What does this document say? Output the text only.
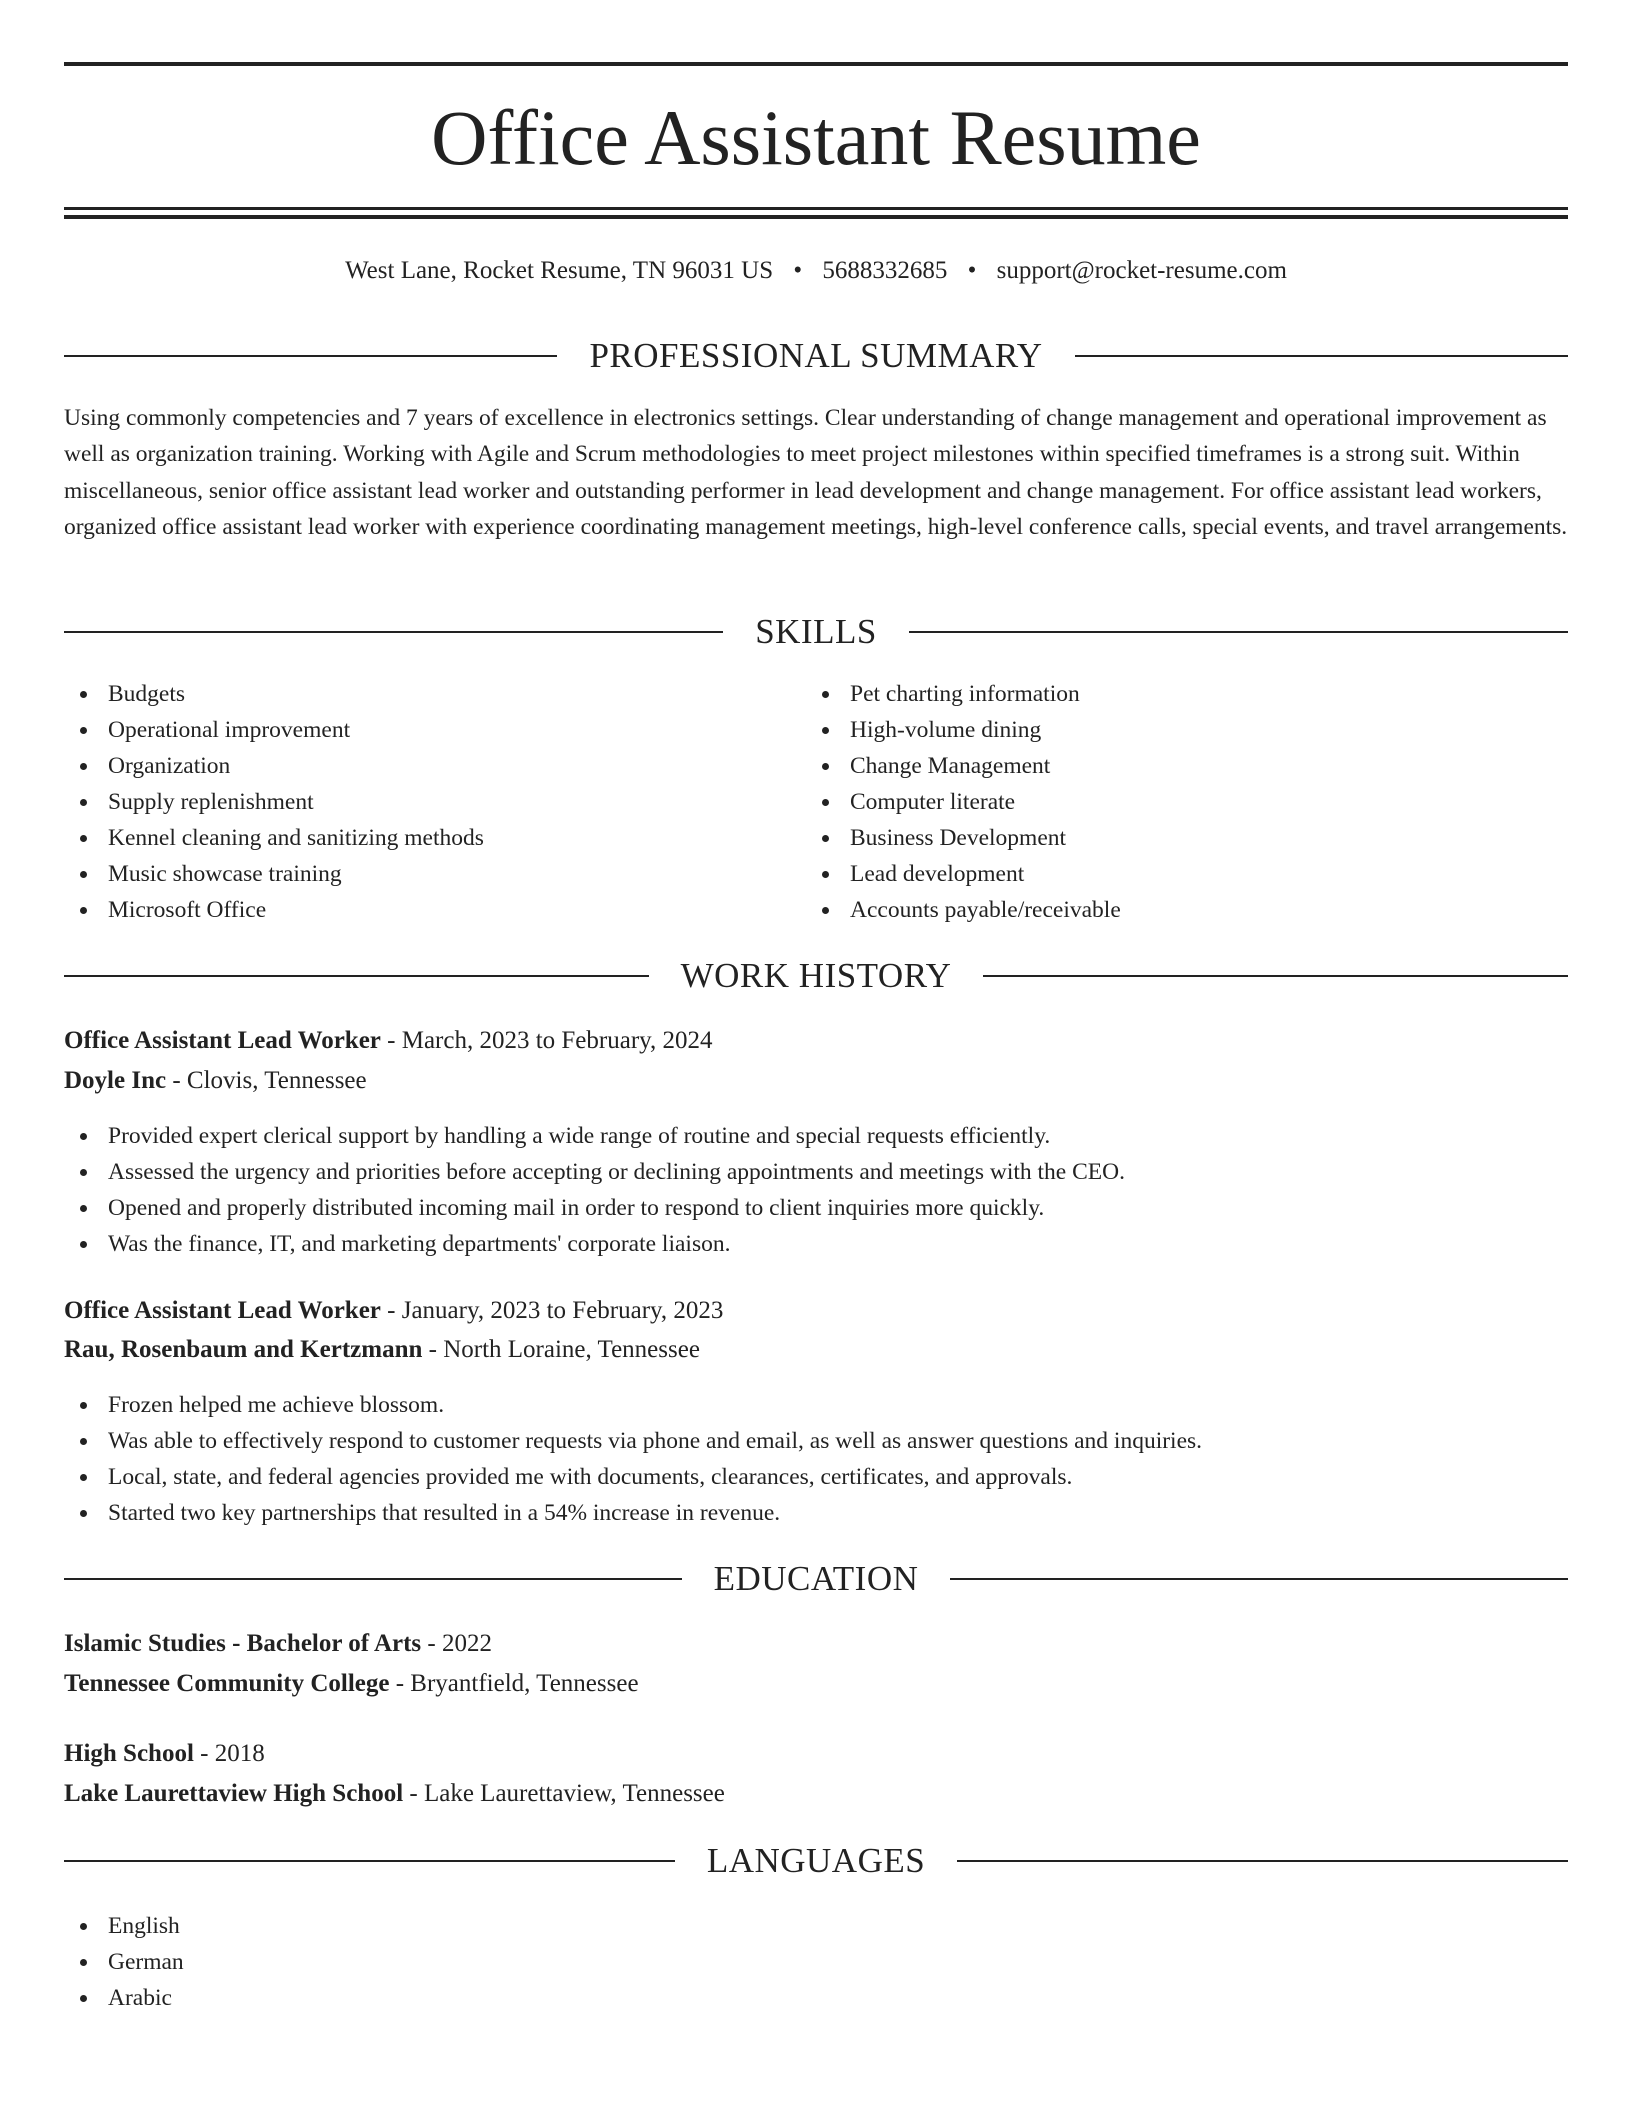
Office Assistant Resume
West Lane, Rocket Resume, TN 96031 US • 5688332685 • support@rocket-resume.com
PROFESSIONAL SUMMARY

Using commonly competencies and 7 years of excellence in electronics settings. Clear understanding of change management and operational improvement as well as organization training. Working with Agile and Scrum methodologies to meet project milestones within specified timeframes is a strong suit. Within miscellaneous, senior office assistant lead worker and outstanding performer in lead development and change management. For office assistant lead workers, organized office assistant lead worker with experience coordinating management meetings, high-level conference calls, special events, and travel arrangements.

SKILLS
Budgets
Operational improvement
Organization
Supply replenishment
Kennel cleaning and sanitizing methods
Music showcase training
Microsoft Office
Pet charting information
High-volume dining
Change Management
Computer literate
Business Development
Lead development
Accounts payable/receivable
WORK HISTORY
Office Assistant Lead Worker - March, 2023 to February, 2024
Doyle Inc - Clovis, Tennessee
Provided expert clerical support by handling a wide range of routine and special requests efficiently.
Assessed the urgency and priorities before accepting or declining appointments and meetings with the CEO.
Opened and properly distributed incoming mail in order to respond to client inquiries more quickly.
Was the finance, IT, and marketing departments' corporate liaison.
Office Assistant Lead Worker - January, 2023 to February, 2023
Rau, Rosenbaum and Kertzmann - North Loraine, Tennessee
Frozen helped me achieve blossom.
Was able to effectively respond to customer requests via phone and email, as well as answer questions and inquiries.
Local, state, and federal agencies provided me with documents, clearances, certificates, and approvals.
Started two key partnerships that resulted in a 54% increase in revenue.
EDUCATION
Islamic Studies - Bachelor of Arts - 2022
Tennessee Community College - Bryantfield, Tennessee
High School - 2018
Lake Laurettaview High School - Lake Laurettaview, Tennessee
LANGUAGES
English
German
Arabic
